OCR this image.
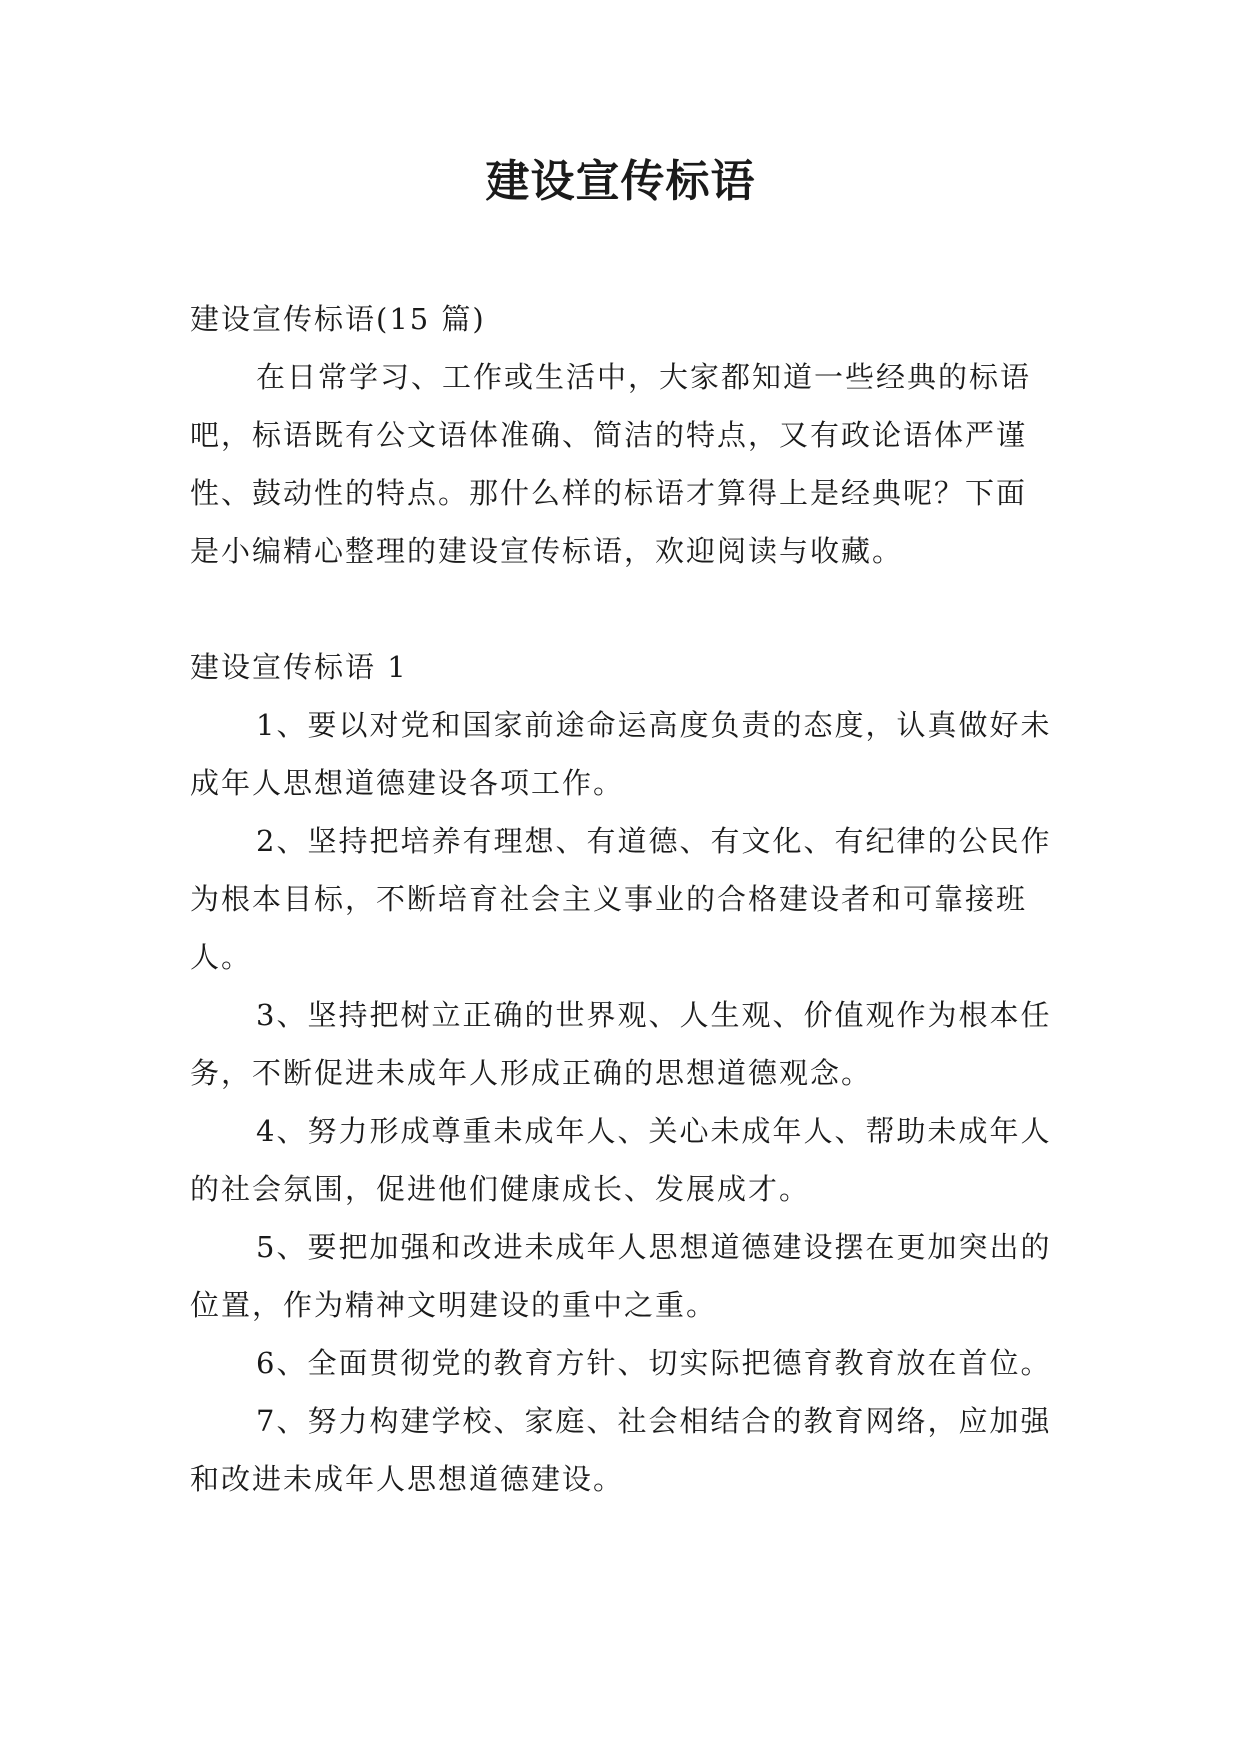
建设宣传标语

建设宣传标语(15 篇)

在日常学习、工作或生活中，大家都知道一些经典的标语吧，标语既有公文语体准确、简洁的特点，又有政论语体严谨性、鼓动性的特点。那什么样的标语才算得上是经典呢？下面是小编精心整理的建设宣传标语，欢迎阅读与收藏。

建设宣传标语 1

1、要以对党和国家前途命运高度负责的态度，认真做好未成年人思想道德建设各项工作。

2、坚持把培养有理想、有道德、有文化、有纪律的公民作为根本目标，不断培育社会主义事业的合格建设者和可靠接班人。

3、坚持把树立正确的世界观、人生观、价值观作为根本任务，不断促进未成年人形成正确的思想道德观念。

4、努力形成尊重未成年人、关心未成年人、帮助未成年人的社会氛围，促进他们健康成长、发展成才。

5、要把加强和改进未成年人思想道德建设摆在更加突出的位置，作为精神文明建设的重中之重。

6、全面贯彻党的教育方针、切实际把德育教育放在首位。

7、努力构建学校、家庭、社会相结合的教育网络，应加强和改进未成年人思想道德建设。
